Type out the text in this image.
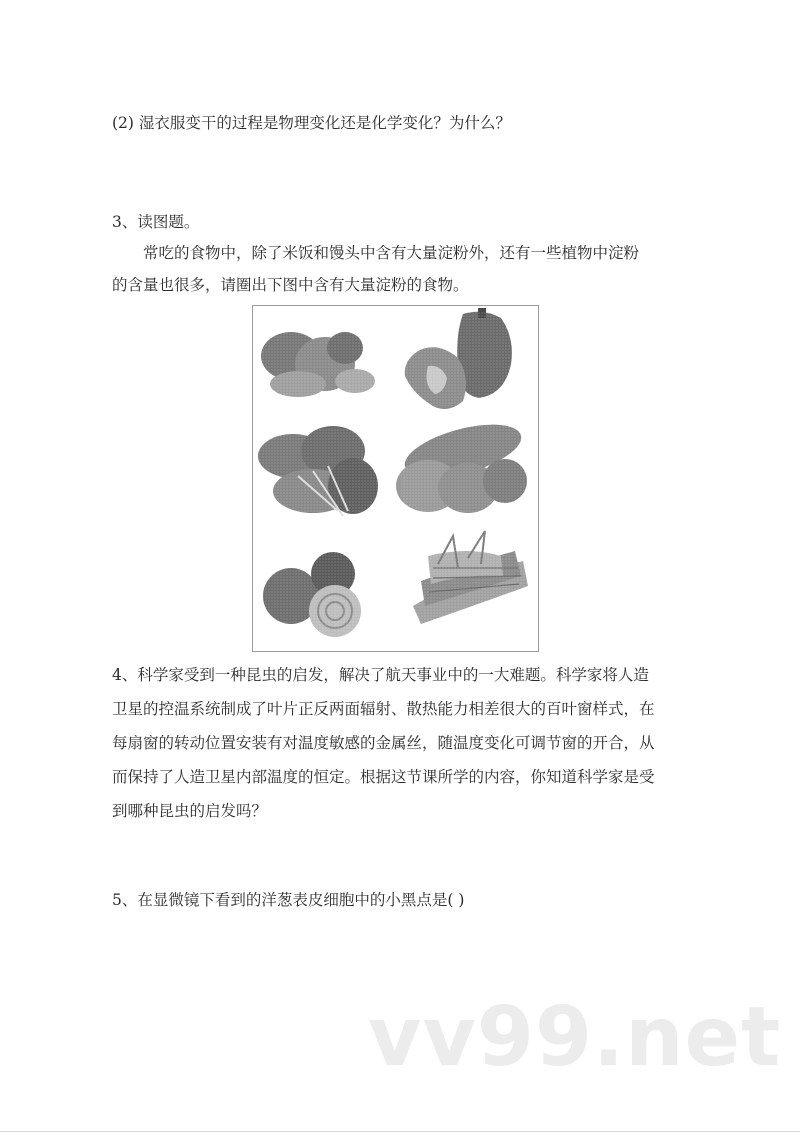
(2) 湿衣服变干的过程是物理变化还是化学变化？为什么？
3、读图题。
常吃的食物中，除了米饭和馒头中含有大量淀粉外，还有一些植物中淀粉
的含量也很多，请圈出下图中含有大量淀粉的食物。
4、科学家受到一种昆虫的启发，解决了航天事业中的一大难题。科学家将人造
卫星的控温系统制成了叶片正反两面辐射、散热能力相差很大的百叶窗样式，在
每扇窗的转动位置安装有对温度敏感的金属丝，随温度变化可调节窗的开合，从
而保持了人造卫星内部温度的恒定。根据这节课所学的内容，你知道科学家是受
到哪种昆虫的启发吗？
5、在显微镜下看到的洋葱表皮细胞中的小黑点是( )
vv99.net
